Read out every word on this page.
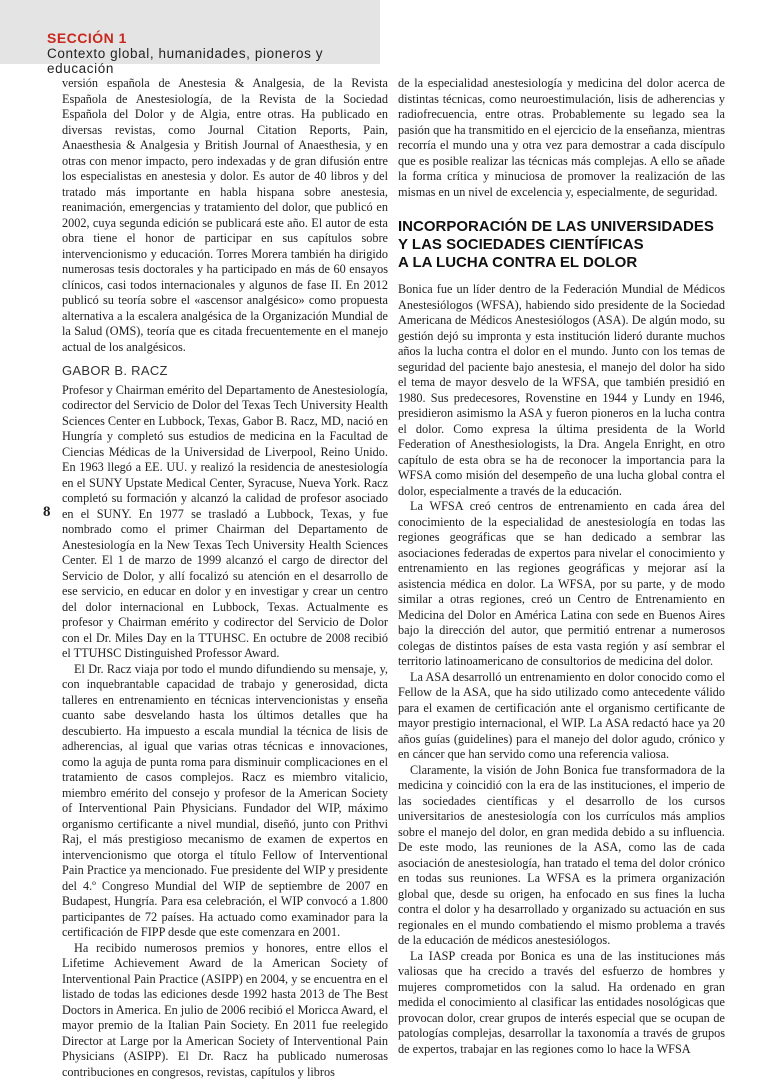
SECCIÓN 1
Contexto global, humanidades, pioneros y educación
8

versión española de Anestesia & Analgesia, de la Revista Española de Anestesiología, de la Revista de la Sociedad Española del Dolor y de Algia, entre otras. Ha publicado en diversas revistas, como Journal Citation Reports, Pain, Anaesthesia & Analgesia y British Journal of Anaesthesia, y en otras con menor impacto, pero indexadas y de gran difusión entre los especialistas en anestesia y dolor. Es autor de 40 libros y del tratado más importante en habla hispana sobre anestesia, reanimación, emergencias y tratamiento del dolor, que publicó en 2002, cuya segunda edición se publicará este año. El autor de esta obra tiene el honor de participar en sus capítulos sobre intervencionismo y educación. Torres Morera también ha dirigido numerosas tesis doctorales y ha participado en más de 60 ensayos clínicos, casi todos internacionales y algunos de fase II. En 2012 publicó su teoría sobre el «ascensor analgésico» como propuesta alternativa a la escalera analgésica de la Organización Mundial de la Salud (OMS), teoría que es citada frecuentemente en el manejo actual de los analgésicos.

GABOR B. RACZ

Profesor y Chairman emérito del Departamento de Anestesiología, codirector del Servicio de Dolor del Texas Tech University Health Sciences Center en Lubbock, Texas, Gabor B. Racz, MD, nació en Hungría y completó sus estudios de medicina en la Facultad de Ciencias Médicas de la Universidad de Liverpool, Reino Unido. En 1963 llegó a EE. UU. y realizó la residencia de anestesiología en el SUNY Upstate Medical Center, Syracuse, Nueva York. Racz completó su formación y alcanzó la calidad de profesor asociado en el SUNY. En 1977 se trasladó a Lubbock, Texas, y fue nombrado como el primer Chairman del Departamento de Anestesiología en la New Texas Tech University Health Sciences Center. El 1 de marzo de 1999 alcanzó el cargo de director del Servicio de Dolor, y allí focalizó su atención en el desarrollo de ese servicio, en educar en dolor y en investigar y crear un centro del dolor internacional en Lubbock, Texas. Actualmente es profesor y Chairman emérito y codirector del Servicio de Dolor con el Dr. Miles Day en la TTUHSC. En octubre de 2008 recibió el TTUHSC Distinguished Professor Award.

El Dr. Racz viaja por todo el mundo difundiendo su mensaje, y, con inquebrantable capacidad de trabajo y generosidad, dicta talleres en entrenamiento en técnicas intervencionistas y enseña cuanto sabe desvelando hasta los últimos detalles que ha descubierto. Ha impuesto a escala mundial la técnica de lisis de adherencias, al igual que varias otras técnicas e innovaciones, como la aguja de punta roma para disminuir complicaciones en el tratamiento de casos complejos. Racz es miembro vitalicio, miembro emérito del consejo y profesor de la American Society of Interventional Pain Physicians. Fundador del WIP, máximo organismo certificante a nivel mundial, diseñó, junto con Prithvi Raj, el más prestigioso mecanismo de examen de expertos en intervencionismo que otorga el título Fellow of Interventional Pain Practice ya mencionado. Fue presidente del WIP y presidente del 4.º Congreso Mundial del WIP de septiembre de 2007 en Budapest, Hungría. Para esa celebración, el WIP convocó a 1.800 participantes de 72 países. Ha actuado como examinador para la certificación de FIPP desde que este comenzara en 2001.

Ha recibido numerosos premios y honores, entre ellos el Lifetime Achievement Award de la American Society of Interventional Pain Practice (ASIPP) en 2004, y se encuentra en el listado de todas las ediciones desde 1992 hasta 2013 de The Best Doctors in America. En julio de 2006 recibió el Moricca Award, el mayor premio de la Italian Pain Society. En 2011 fue reelegido Director at Large por la American Society of Interventional Pain Physicians (ASIPP). El Dr. Racz ha publicado numerosas contribuciones en congresos, revistas, capítulos y libros

de la especialidad anestesiología y medicina del dolor acerca de distintas técnicas, como neuroestimulación, lisis de adherencias y radiofrecuencia, entre otras. Probablemente su legado sea la pasión que ha transmitido en el ejercicio de la enseñanza, mientras recorría el mundo una y otra vez para demostrar a cada discípulo que es posible realizar las técnicas más complejas. A ello se añade la forma crítica y minuciosa de promover la realización de las mismas en un nivel de excelencia y, especialmente, de seguridad.

INCORPORACIÓN DE LAS UNIVERSIDADES
Y LAS SOCIEDADES CIENTÍFICAS
A LA LUCHA CONTRA EL DOLOR

Bonica fue un líder dentro de la Federación Mundial de Médicos Anestesiólogos (WFSA), habiendo sido presidente de la Sociedad Americana de Médicos Anestesiólogos (ASA). De algún modo, su gestión dejó su impronta y esta institución lideró durante muchos años la lucha contra el dolor en el mundo. Junto con los temas de seguridad del paciente bajo anestesia, el manejo del dolor ha sido el tema de mayor desvelo de la WFSA, que también presidió en 1980. Sus predecesores, Rovenstine en 1944 y Lundy en 1946, presidieron asimismo la ASA y fueron pioneros en la lucha contra el dolor. Como expresa la última presidenta de la World Federation of Anesthesiologists, la Dra. Angela Enright, en otro capítulo de esta obra se ha de reconocer la importancia para la WFSA como misión del desempeño de una lucha global contra el dolor, especialmente a través de la educación.

La WFSA creó centros de entrenamiento en cada área del conocimiento de la especialidad de anestesiología en todas las regiones geográficas que se han dedicado a sembrar las asociaciones federadas de expertos para nivelar el conocimiento y entrenamiento en las regiones geográficas y mejorar así la asistencia médica en dolor. La WFSA, por su parte, y de modo similar a otras regiones, creó un Centro de Entrenamiento en Medicina del Dolor en América Latina con sede en Buenos Aires bajo la dirección del autor, que permitió entrenar a numerosos colegas de distintos países de esta vasta región y así sembrar el territorio latinoamericano de consultorios de medicina del dolor.

La ASA desarrolló un entrenamiento en dolor conocido como el Fellow de la ASA, que ha sido utilizado como antecedente válido para el examen de certificación ante el organismo certificante de mayor prestigio internacional, el WIP. La ASA redactó hace ya 20 años guías (guidelines) para el manejo del dolor agudo, crónico y en cáncer que han servido como una referencia valiosa.

Claramente, la visión de John Bonica fue transformadora de la medicina y coincidió con la era de las instituciones, el imperio de las sociedades científicas y el desarrollo de los cursos universitarios de anestesiología con los currículos más amplios sobre el manejo del dolor, en gran medida debido a su influencia. De este modo, las reuniones de la ASA, como las de cada asociación de anestesiología, han tratado el tema del dolor crónico en todas sus reuniones. La WFSA es la primera organización global que, desde su origen, ha enfocado en sus fines la lucha contra el dolor y ha desarrollado y organizado su actuación en sus regionales en el mundo combatiendo el mismo problema a través de la educación de médicos anestesiólogos.

La IASP creada por Bonica es una de las instituciones más valiosas que ha crecido a través del esfuerzo de hombres y mujeres comprometidos con la salud. Ha ordenado en gran medida el conocimiento al clasificar las entidades nosológicas que provocan dolor, crear grupos de interés especial que se ocupan de patologías complejas, desarrollar la taxonomía a través de grupos de expertos, trabajar en las regiones como lo hace la WFSA
